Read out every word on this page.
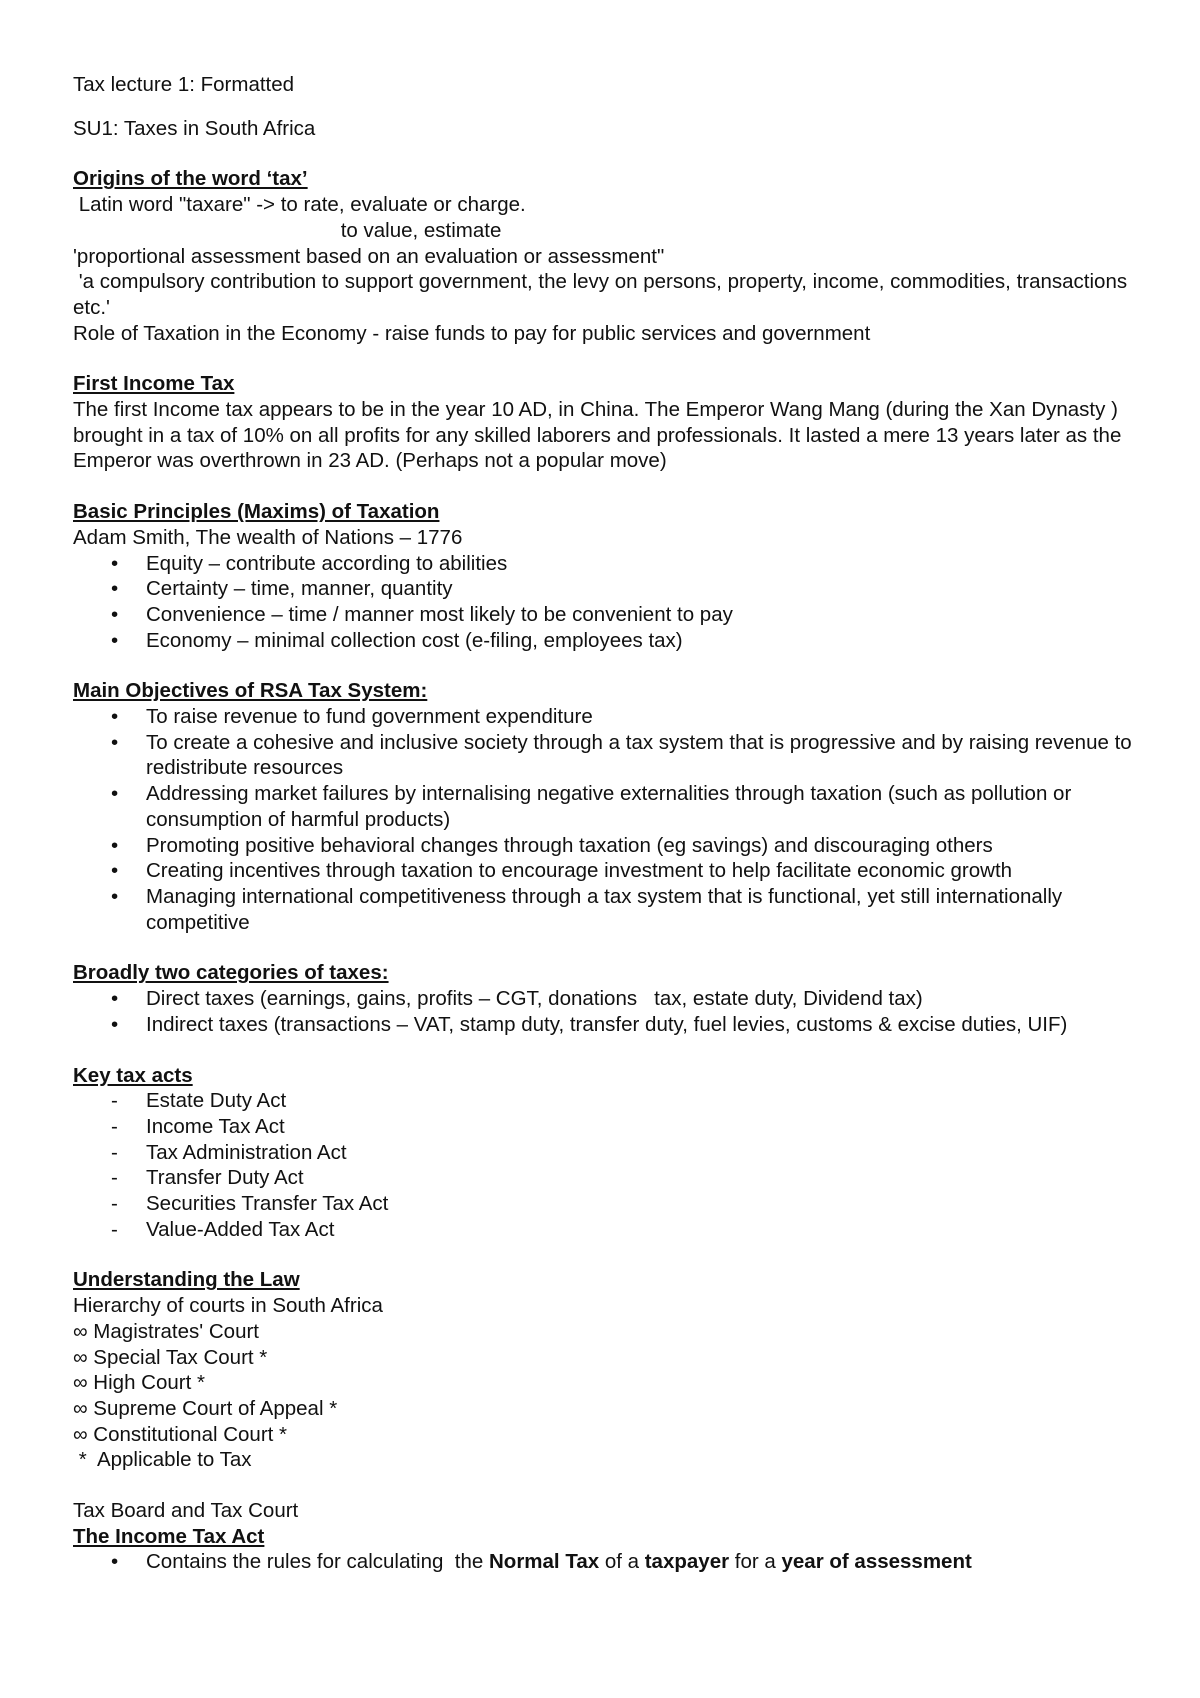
Tax lecture 1: Formatted
SU1: Taxes in South Africa
Origins of the word ‘tax’
Latin word "taxare" -> to rate, evaluate or charge.
to value, estimate
'proportional assessment based on an evaluation or assessment"
'a compulsory contribution to support government, the levy on persons, property, income, commodities, transactions etc.'
Role of Taxation in the Economy - raise funds to pay for public services and government
First Income Tax
The first Income tax appears to be in the year 10 AD, in China. The Emperor Wang Mang (during the Xan Dynasty ) brought in a tax of 10% on all profits for any skilled laborers and professionals. It lasted a mere 13 years later as the Emperor was overthrown in 23 AD. (Perhaps not a popular move)
Basic Principles (Maxims) of Taxation
Adam Smith, The wealth of Nations – 1776
• Equity – contribute according to abilities
• Certainty – time, manner, quantity
• Convenience – time / manner most likely to be convenient to pay
• Economy – minimal collection cost (e-filing, employees tax)
Main Objectives of RSA Tax System:
• To raise revenue to fund government expenditure
• To create a cohesive and inclusive society through a tax system that is progressive and by raising revenue to redistribute resources
• Addressing market failures by internalising negative externalities through taxation (such as pollution or consumption of harmful products)
• Promoting positive behavioral changes through taxation (eg savings) and discouraging others
• Creating incentives through taxation to encourage investment to help facilitate economic growth
• Managing international competitiveness through a tax system that is functional, yet still internationally competitive
Broadly two categories of taxes:
• Direct taxes (earnings, gains, profits – CGT, donations   tax, estate duty, Dividend tax)
• Indirect taxes (transactions – VAT, stamp duty, transfer duty, fuel levies, customs & excise duties, UIF)
Key tax acts
- Estate Duty Act
- Income Tax Act
- Tax Administration Act
- Transfer Duty Act
- Securities Transfer Tax Act
- Value-Added Tax Act
Understanding the Law
Hierarchy of courts in South Africa
∞ Magistrates' Court
∞ Special Tax Court *
∞ High Court *
∞ Supreme Court of Appeal *
∞ Constitutional Court *
*  Applicable to Tax
Tax Board and Tax Court
The Income Tax Act
• Contains the rules for calculating  the Normal Tax of a taxpayer for a year of assessment
